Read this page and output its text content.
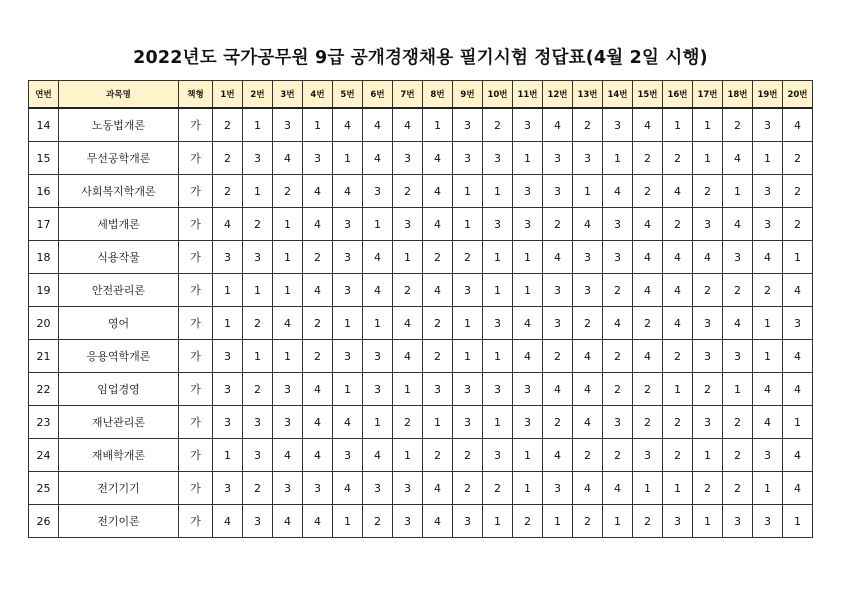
2022년도 국가공무원 9급 공개경쟁채용 필기시험 정답표(4월 2일 시행)
연번	과목명	책형	1번	2번	3번	4번	5번	6번	7번	8번	9번	10번	11번	12번	13번	14번	15번	16번	17번	18번	19번	20번
14	노동법개론	가	2	1	3	1	4	4	4	1	3	2	3	4	2	3	4	1	1	2	3	4
15	무선공학개론	가	2	3	4	3	1	4	3	4	3	3	1	3	3	1	2	2	1	4	1	2
16	사회복지학개론	가	2	1	2	4	4	3	2	4	1	1	3	3	1	4	2	4	2	1	3	2
17	세법개론	가	4	2	1	4	3	1	3	4	1	3	3	2	4	3	4	2	3	4	3	2
18	식용작물	가	3	3	1	2	3	4	1	2	2	1	1	4	3	3	4	4	4	3	4	1
19	안전관리론	가	1	1	1	4	3	4	2	4	3	1	1	3	3	2	4	4	2	2	2	4
20	영어	가	1	2	4	2	1	1	4	2	1	3	4	3	2	4	2	4	3	4	1	3
21	응용역학개론	가	3	1	1	2	3	3	4	2	1	1	4	2	4	2	4	2	3	3	1	4
22	임업경영	가	3	2	3	4	1	3	1	3	3	3	3	4	4	2	2	1	2	1	4	4
23	재난관리론	가	3	3	3	4	4	1	2	1	3	1	3	2	4	3	2	2	3	2	4	1
24	재배학개론	가	1	3	4	4	3	4	1	2	2	3	1	4	2	2	3	2	1	2	3	4
25	전기기기	가	3	2	3	3	4	3	3	4	2	2	1	3	4	4	1	1	2	2	1	4
26	전기이론	가	4	3	4	4	1	2	3	4	3	1	2	1	2	1	2	3	1	3	3	1
